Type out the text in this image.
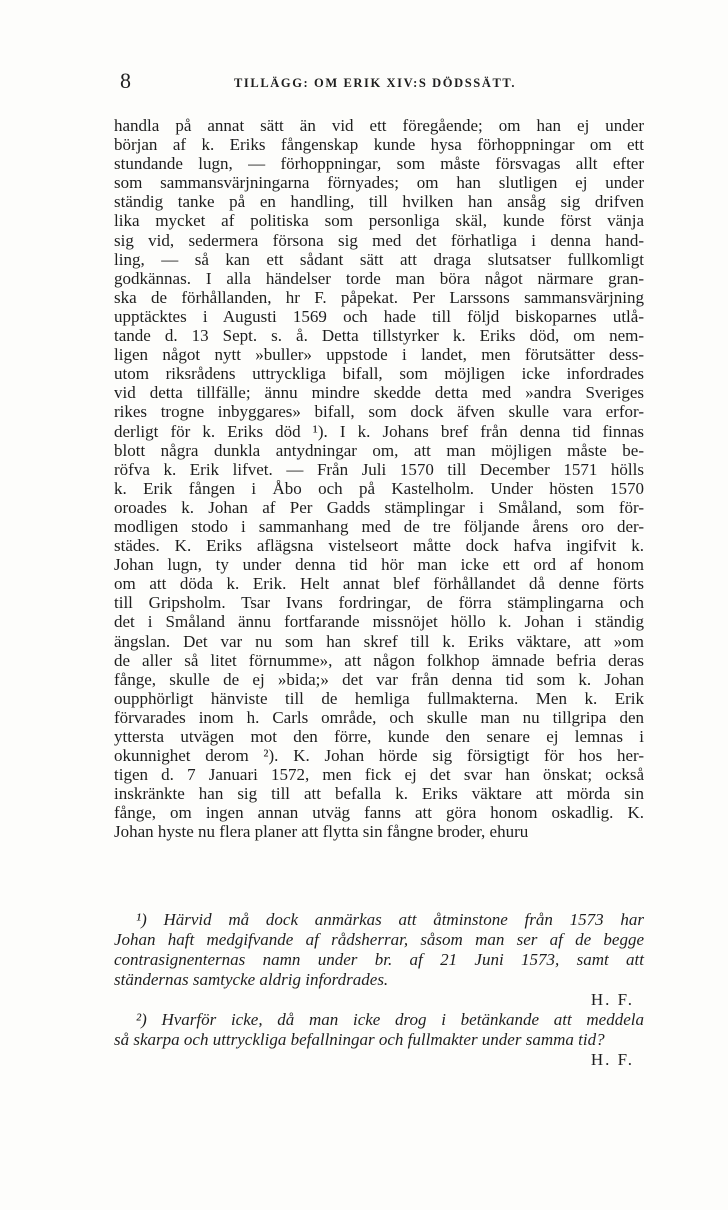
8	TILLÄGG: OM ERIK XIV:S DÖDSSÄTT.
handla på annat sätt än vid ett föregående; om han ej under
början af k. Eriks fångenskap kunde hysa förhoppningar om ett
stundande lugn, — förhoppningar, som måste försvagas allt efter
som sammansvärjningarna förnyades; om han slutligen ej under
ständig tanke på en handling, till hvilken han ansåg sig drifven
lika mycket af politiska som personliga skäl, kunde först vänja
sig vid, sedermera försona sig med det förhatliga i denna hand-
ling, — så kan ett sådant sätt att draga slutsatser fullkomligt
godkännas. I alla händelser torde man böra något närmare gran-
ska de förhållanden, hr F. påpekat. Per Larssons sammansvärjning
upptäcktes i Augusti 1569 och hade till följd biskoparnes utlå-
tande d. 13 Sept. s. å. Detta tillstyrker k. Eriks död, om nem-
ligen något nytt »buller» uppstode i landet, men förutsätter dess-
utom riksrådens uttryckliga bifall, som möjligen icke infordrades
vid detta tillfälle; ännu mindre skedde detta med »andra Sveriges
rikes trogne inbyggares» bifall, som dock äfven skulle vara erfor-
derligt för k. Eriks död ¹). I k. Johans bref från denna tid finnas
blott några dunkla antydningar om, att man möjligen måste be-
röfva k. Erik lifvet. — Från Juli 1570 till December 1571 hölls
k. Erik fången i Åbo och på Kastelholm. Under hösten 1570
oroades k. Johan af Per Gadds stämplingar i Småland, som för-
modligen stodo i sammanhang med de tre följande årens oro der-
städes. K. Eriks aflägsna vistelseort måtte dock hafva ingifvit k.
Johan lugn, ty under denna tid hör man icke ett ord af honom
om att döda k. Erik. Helt annat blef förhållandet då denne förts
till Gripsholm. Tsar Ivans fordringar, de förra stämplingarna och
det i Småland ännu fortfarande missnöjet höllo k. Johan i ständig
ängslan. Det var nu som han skref till k. Eriks väktare, att »om
de aller så litet förnumme», att någon folkhop ämnade befria deras
fånge, skulle de ej »bida;» det var från denna tid som k. Johan
oupphörligt hänviste till de hemliga fullmakterna. Men k. Erik
förvarades inom h. Carls område, och skulle man nu tillgripa den
yttersta utvägen mot den förre, kunde den senare ej lemnas i
okunnighet derom ²). K. Johan hörde sig försigtigt för hos her-
tigen d. 7 Januari 1572, men fick ej det svar han önskat; också
inskränkte han sig till att befalla k. Eriks väktare att mörda sin
fånge, om ingen annan utväg fanns att göra honom oskadlig. K.
Johan hyste nu flera planer att flytta sin fångne broder, ehuru
¹) Härvid må dock anmärkas att åtminstone från 1573 har
Johan haft medgifvande af rådsherrar, såsom man ser af de begge
contrasignenternas namn under br. af 21 Juni 1573, samt att
ständernas samtycke aldrig infordrades.
H. F.
²) Hvarför icke, då man icke drog i betänkande att meddela
så skarpa och uttryckliga befallningar och fullmakter under samma tid?
H. F.
